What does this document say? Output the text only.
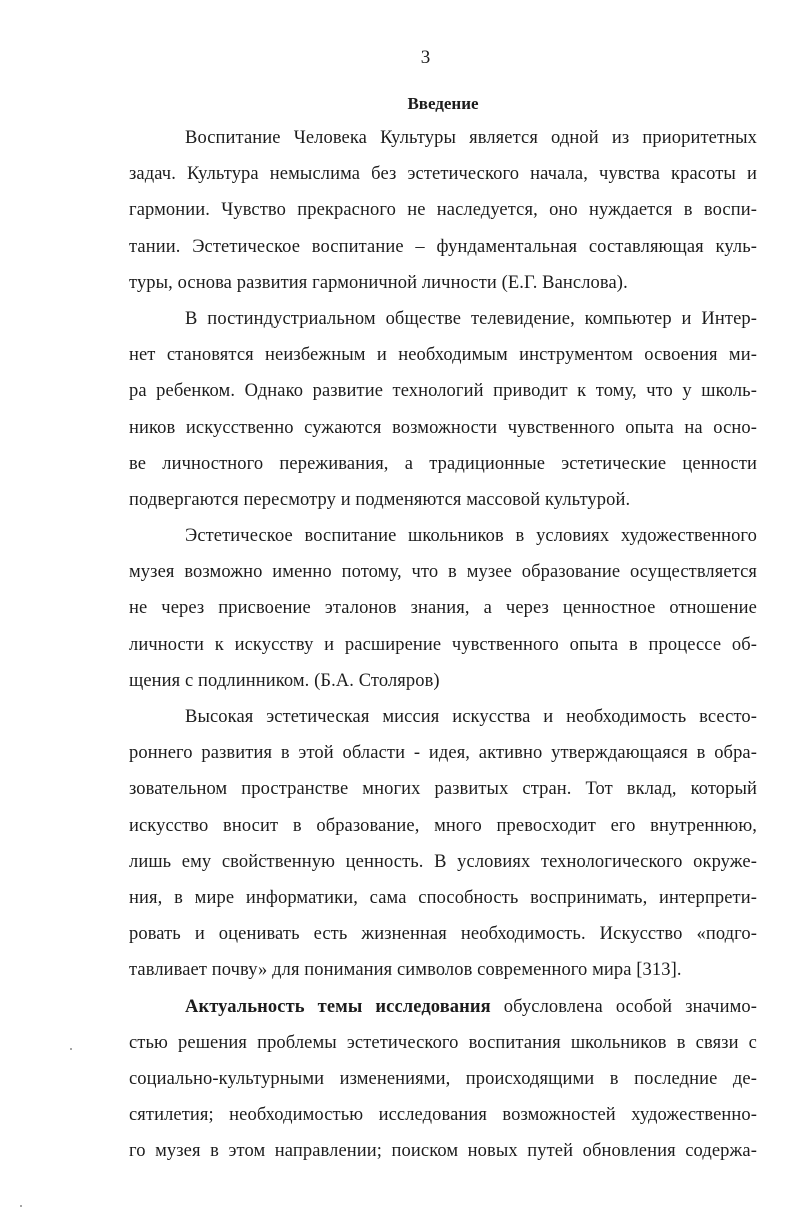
3
Введение
Воспитание Человека Культуры является одной из приоритетных
задач. Культура немыслима без эстетического начала, чувства красоты и
гармонии. Чувство прекрасного не наследуется, оно нуждается в воспи-
тании. Эстетическое воспитание – фундаментальная составляющая куль-
туры, основа развития гармоничной личности (Е.Г. Ванслова).
В постиндустриальном обществе телевидение, компьютер и Интер-
нет становятся неизбежным и необходимым инструментом освоения ми-
ра ребенком. Однако развитие технологий приводит к тому, что у школь-
ников искусственно сужаются возможности чувственного опыта на осно-
ве личностного переживания, а традиционные эстетические ценности
подвергаются пересмотру и подменяются массовой культурой.
Эстетическое воспитание школьников в условиях художественного
музея возможно именно потому, что в музее образование осуществляется
не через присвоение эталонов знания, а через ценностное отношение
личности к искусству и расширение чувственного опыта в процессе об-
щения с подлинником. (Б.А. Столяров)
Высокая эстетическая миссия искусства и необходимость всесто-
роннего развития в этой области - идея, активно утверждающаяся в обра-
зовательном пространстве многих развитых стран. Тот вклад, который
искусство вносит в образование, много превосходит его внутреннюю,
лишь ему свойственную ценность. В условиях технологического окруже-
ния, в мире информатики, сама способность воспринимать, интерпрети-
ровать и оценивать есть жизненная необходимость. Искусство «подго-
тавливает почву» для понимания символов современного мира [313].
Актуальность темы исследования обусловлена особой значимо-
стью решения проблемы эстетического воспитания школьников в связи с
социально-культурными изменениями, происходящими в последние де-
сятилетия; необходимостью исследования возможностей художественно-
го музея в этом направлении; поиском новых путей обновления содержа-
